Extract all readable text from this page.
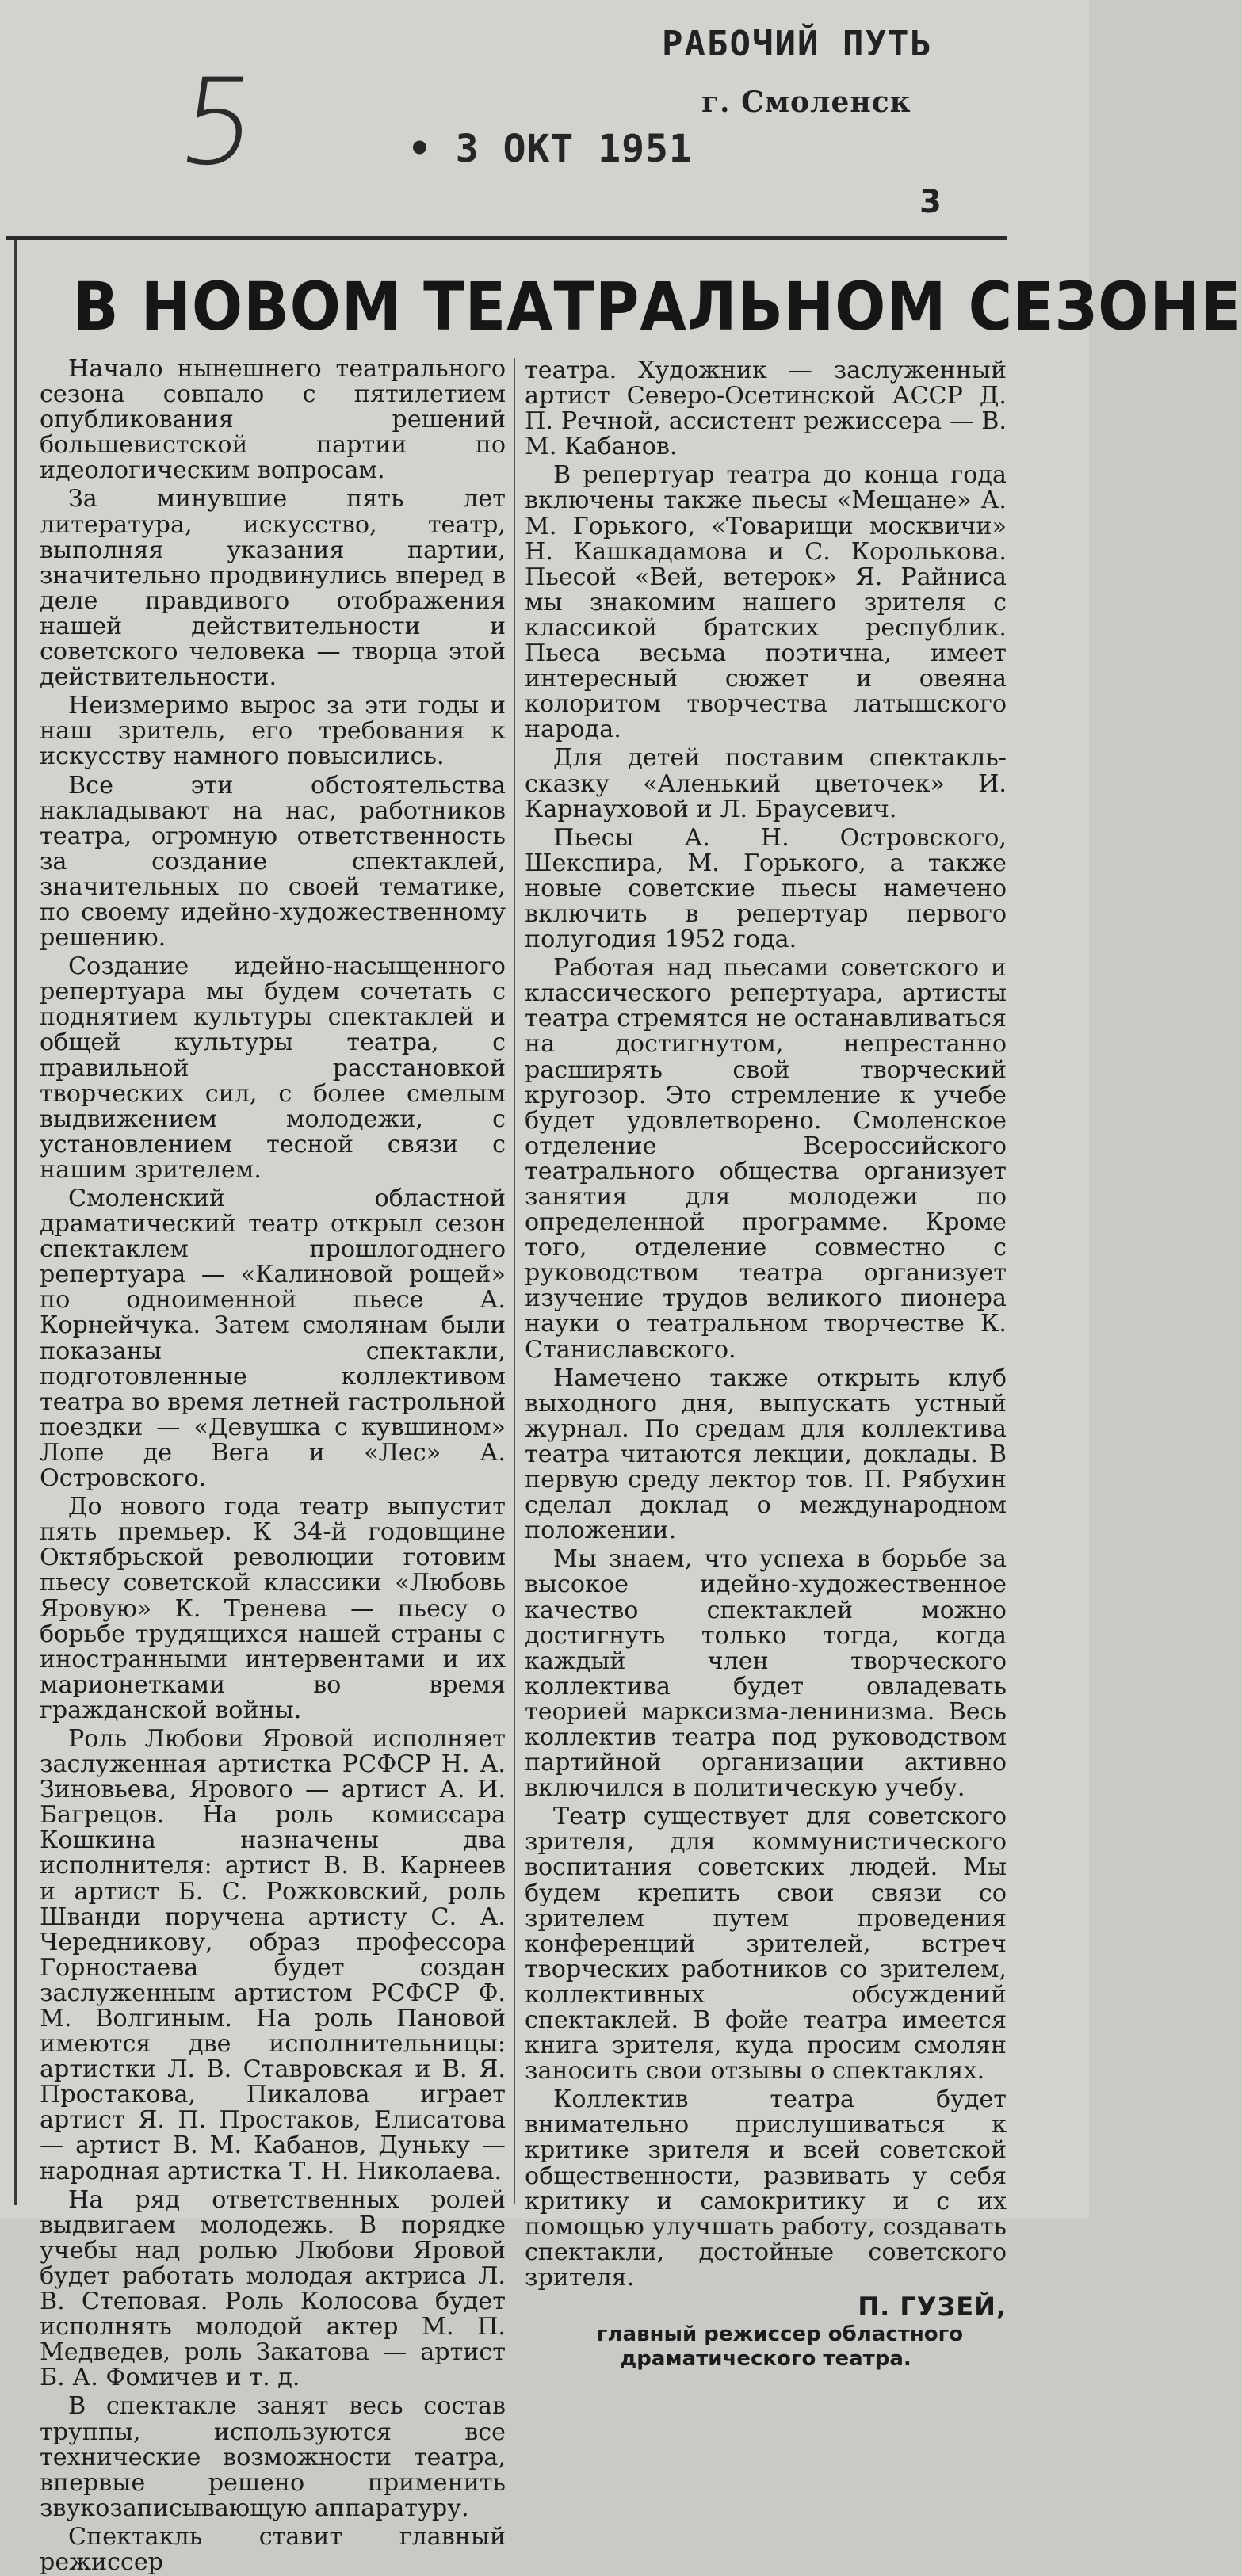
5
РАБОЧИЙ ПУТЬ
г. Смоленск
• 3 ОКТ 1951
3
В НОВОМ ТЕАТРАЛЬНОМ СЕЗОНЕ

Начало нынешнего театрального сезона совпало с пятилетием опубликования решений большевистской партии по идеологическим вопросам.

За минувшие пять лет литература, искусство, театр, выполняя указания партии, значительно продвинулись вперед в деле правдивого отображения нашей действительности и советского человека — творца этой действительности.

Неизмеримо вырос за эти годы и наш зритель, его требования к искусству намного повысились.

Все эти обстоятельства накладывают на нас, работников театра, огромную ответственность за создание спектаклей, значительных по своей тематике, по своему идейно-художественному решению.

Создание идейно-насыщенного репертуара мы будем сочетать с поднятием культуры спектаклей и общей культуры театра, с правильной расстановкой творческих сил, с более смелым выдвижением молодежи, с установлением тесной связи с нашим зрителем.

Смоленский областной драматический театр открыл сезон спектаклем прошлогоднего репертуара — «Калиновой рощей» по одноименной пьесе А. Корнейчука. Затем смолянам были показаны спектакли, подготовленные коллективом театра во время летней гастрольной поездки — «Девушка с кувшином» Лопе де Вега и «Лес» А. Островского.

До нового года театр выпустит пять премьер. К 34-й годовщине Октябрьской революции готовим пьесу советской классики «Любовь Яровую» К. Тренева — пьесу о борьбе трудящихся нашей страны с иностранными интервентами и их марионетками во время гражданской войны.

Роль Любови Яровой исполняет заслуженная артистка РСФСР Н. А. Зиновьева, Ярового — артист А. И. Багрецов. На роль комиссара Кошкина назначены два исполнителя: артист В. В. Карнеев и артист Б. С. Рожковский, роль Шванди поручена артисту С. А. Чередникову, образ профессора Горностаева будет создан заслуженным артистом РСФСР Ф. М. Волгиным. На роль Пановой имеются две исполнительницы: артистки Л. В. Ставровская и В. Я. Простакова, Пикалова играет артист Я. П. Простаков, Елисатова — артист В. М. Кабанов, Дуньку — народная артистка Т. Н. Николаева.

На ряд ответственных ролей выдвигаем молодежь. В порядке учебы над ролью Любови Яровой будет работать молодая актриса Л. В. Степовая. Роль Колосова будет исполнять молодой актер М. П. Медведев, роль Закатова — артист Б. А. Фомичев и т. д.

В спектакле занят весь состав труппы, используются все технические возможности театра, впервые решено применить звукозаписывающую аппаратуру.

Спектакль ставит главный режиссер

театра. Художник — заслуженный артист Северо-Осетинской АССР Д. П. Речной, ассистент режиссера — В. М. Кабанов.

В репертуар театра до конца года включены также пьесы «Мещане» А. М. Горького, «Товарищи москвичи» Н. Кашкадамова и С. Королькова. Пьесой «Вей, ветерок» Я. Райниса мы знакомим нашего зрителя с классикой братских республик. Пьеса весьма поэтична, имеет интересный сюжет и овеяна колоритом творчества латышского народа.

Для детей поставим спектакль-сказку «Аленький цветочек» И. Карнауховой и Л. Браусевич.

Пьесы А. Н. Островского, Шекспира, М. Горького, а также новые советские пьесы намечено включить в репертуар первого полугодия 1952 года.

Работая над пьесами советского и классического репертуара, артисты театра стремятся не останавливаться на достигнутом, непрестанно расширять свой творческий кругозор. Это стремление к учебе будет удовлетворено. Смоленское отделение Всероссийского театрального общества организует занятия для молодежи по определенной программе. Кроме того, отделение совместно с руководством театра организует изучение трудов великого пионера науки о театральном творчестве К. Станиславского.

Намечено также открыть клуб выходного дня, выпускать устный журнал. По средам для коллектива театра читаются лекции, доклады. В первую среду лектор тов. П. Рябухин сделал доклад о международном положении.

Мы знаем, что успеха в борьбе за высокое идейно-художественное качество спектаклей можно достигнуть только тогда, когда каждый член творческого коллектива будет овладевать теорией марксизма-ленинизма. Весь коллектив театра под руководством партийной организации активно включился в политическую учебу.

Театр существует для советского зрителя, для коммунистического воспитания советских людей. Мы будем крепить свои связи со зрителем путем проведения конференций зрителей, встреч творческих работников со зрителем, коллективных обсуждений спектаклей. В фойе театра имеется книга зрителя, куда просим смолян заносить свои отзывы о спектаклях.

Коллектив театра будет внимательно прислушиваться к критике зрителя и всей советской общественности, развивать у себя критику и самокритику и с их помощью улучшать работу, создавать спектакли, достойные советского зрителя.

П. ГУЗЕЙ,

главный режиссер областного драматического театра.
